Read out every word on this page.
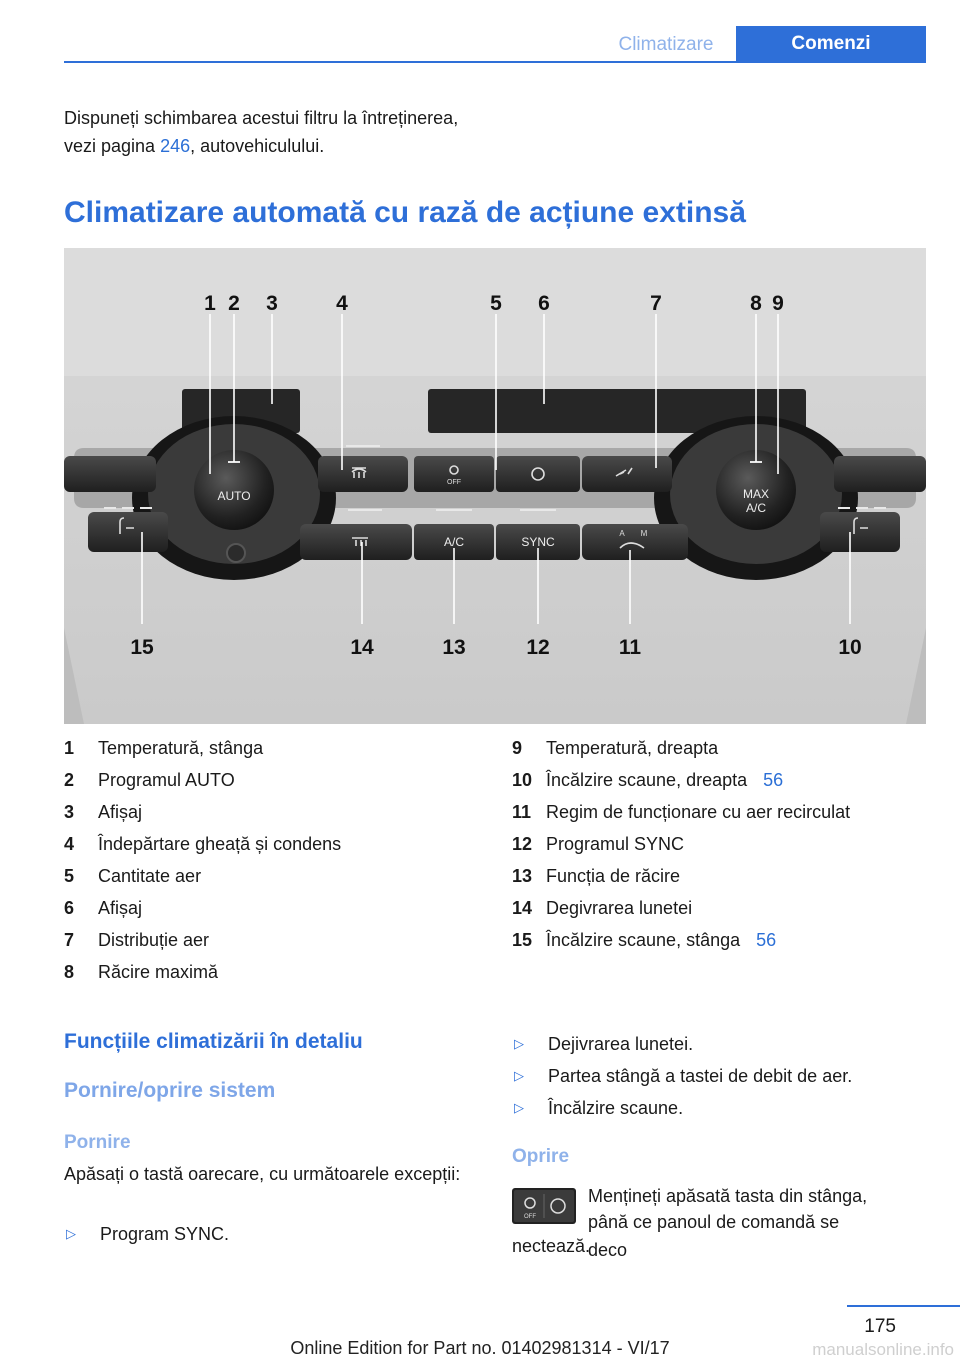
Climatizare	Comenzi
Dispuneți schimbarea acestui filtru la întreținerea, vezi pagina 246, autovehiculului.
Climatizare automată cu rază de acțiune extinsă
AUTO	MAX
A/C
A/C	SYNC
OFF
A M
1 2 3	4	5 6	7	8 9
15	14	13	12	11	10
1	Temperatură, stânga
2	Programul AUTO
3	Afișaj
4	Îndepărtare gheață și condens
5	Cantitate aer
6	Afișaj
7	Distribuție aer
8	Răcire maximă
9	Temperatură, dreapta
10 Încălzire scaune, dreapta 56
11 Regim de funcționare cu aer recirculat
12 Programul SYNC
13 Funcția de răcire
14 Degivrarea lunetei
15 Încălzire scaune, stânga 56
Funcțiile climatizării în detaliu
Pornire/oprire sistem
Pornire
Apăsați o tastă oarecare, cu următoarele excepții:
▷	Program SYNC.
▷	Dejivrarea lunetei.
▷	Partea stângă a tastei de debit de aer.
▷	Încălzire scaune.
Oprire
OFF
Mențineți apăsată tasta din stânga,
până ce panoul de comandă se deco
nectează.
175
Online Edition for Part no. 01402981314 - VI/17	manualsonline.info
